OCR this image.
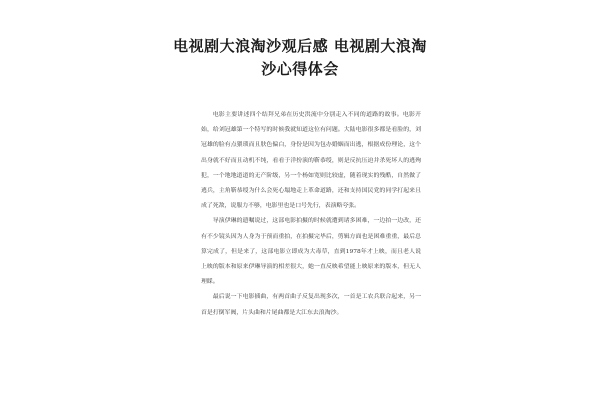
电视剧大浪淘沙观后感 电视剧大浪淘
沙心得体会

电影主要讲述四个结拜兄弟在历史洪流中分别走入不同的道路的故事。电影开始，给刘冠雄第一个特写的时候我就知道这位有问题。大陆电影很多都是看脸的，刘冠雄的脸有点猥琐而且肤色偏白，身份是因为包办婚姻而出逃，根据成份理论，这个出身就不好而且动机不纯，看看于洋扮演的靳恭绶，则是反抗压迫并杀死坏人的逃殉犯，一个地地道道的无产阶级，另一个杨如宽则比较虚，随着现实的残酷，自然做了逃兵，主角靳恭绶为什么会死心塌地走上革命道路，还和支持国民党的同学打起来且成了死敌，说服力不够，电影里也是口号先行，表演略夸张。

导演伊琳的遗嘱说过，这部电影拍摄的时候就遭到诸多困难，一边拍一边改，还有不少镜头因为人身为于预而重拍，在拍摄完毕后，剪辑方面也是困难重重，最后总算完成了，但是来了，这部电影立即成为大毒草，直到1978年才上映，而且老人说上映的版本和原来伊琳导演的相差很大，她一直反映希望能上映原来的版本，但无人理睬。

最后说一下电影插曲，有两首曲子反复出现多次，一首是工农兵联合起来，另一首是打倒军阀，片头曲和片尾曲都是大江东去浪淘沙。
